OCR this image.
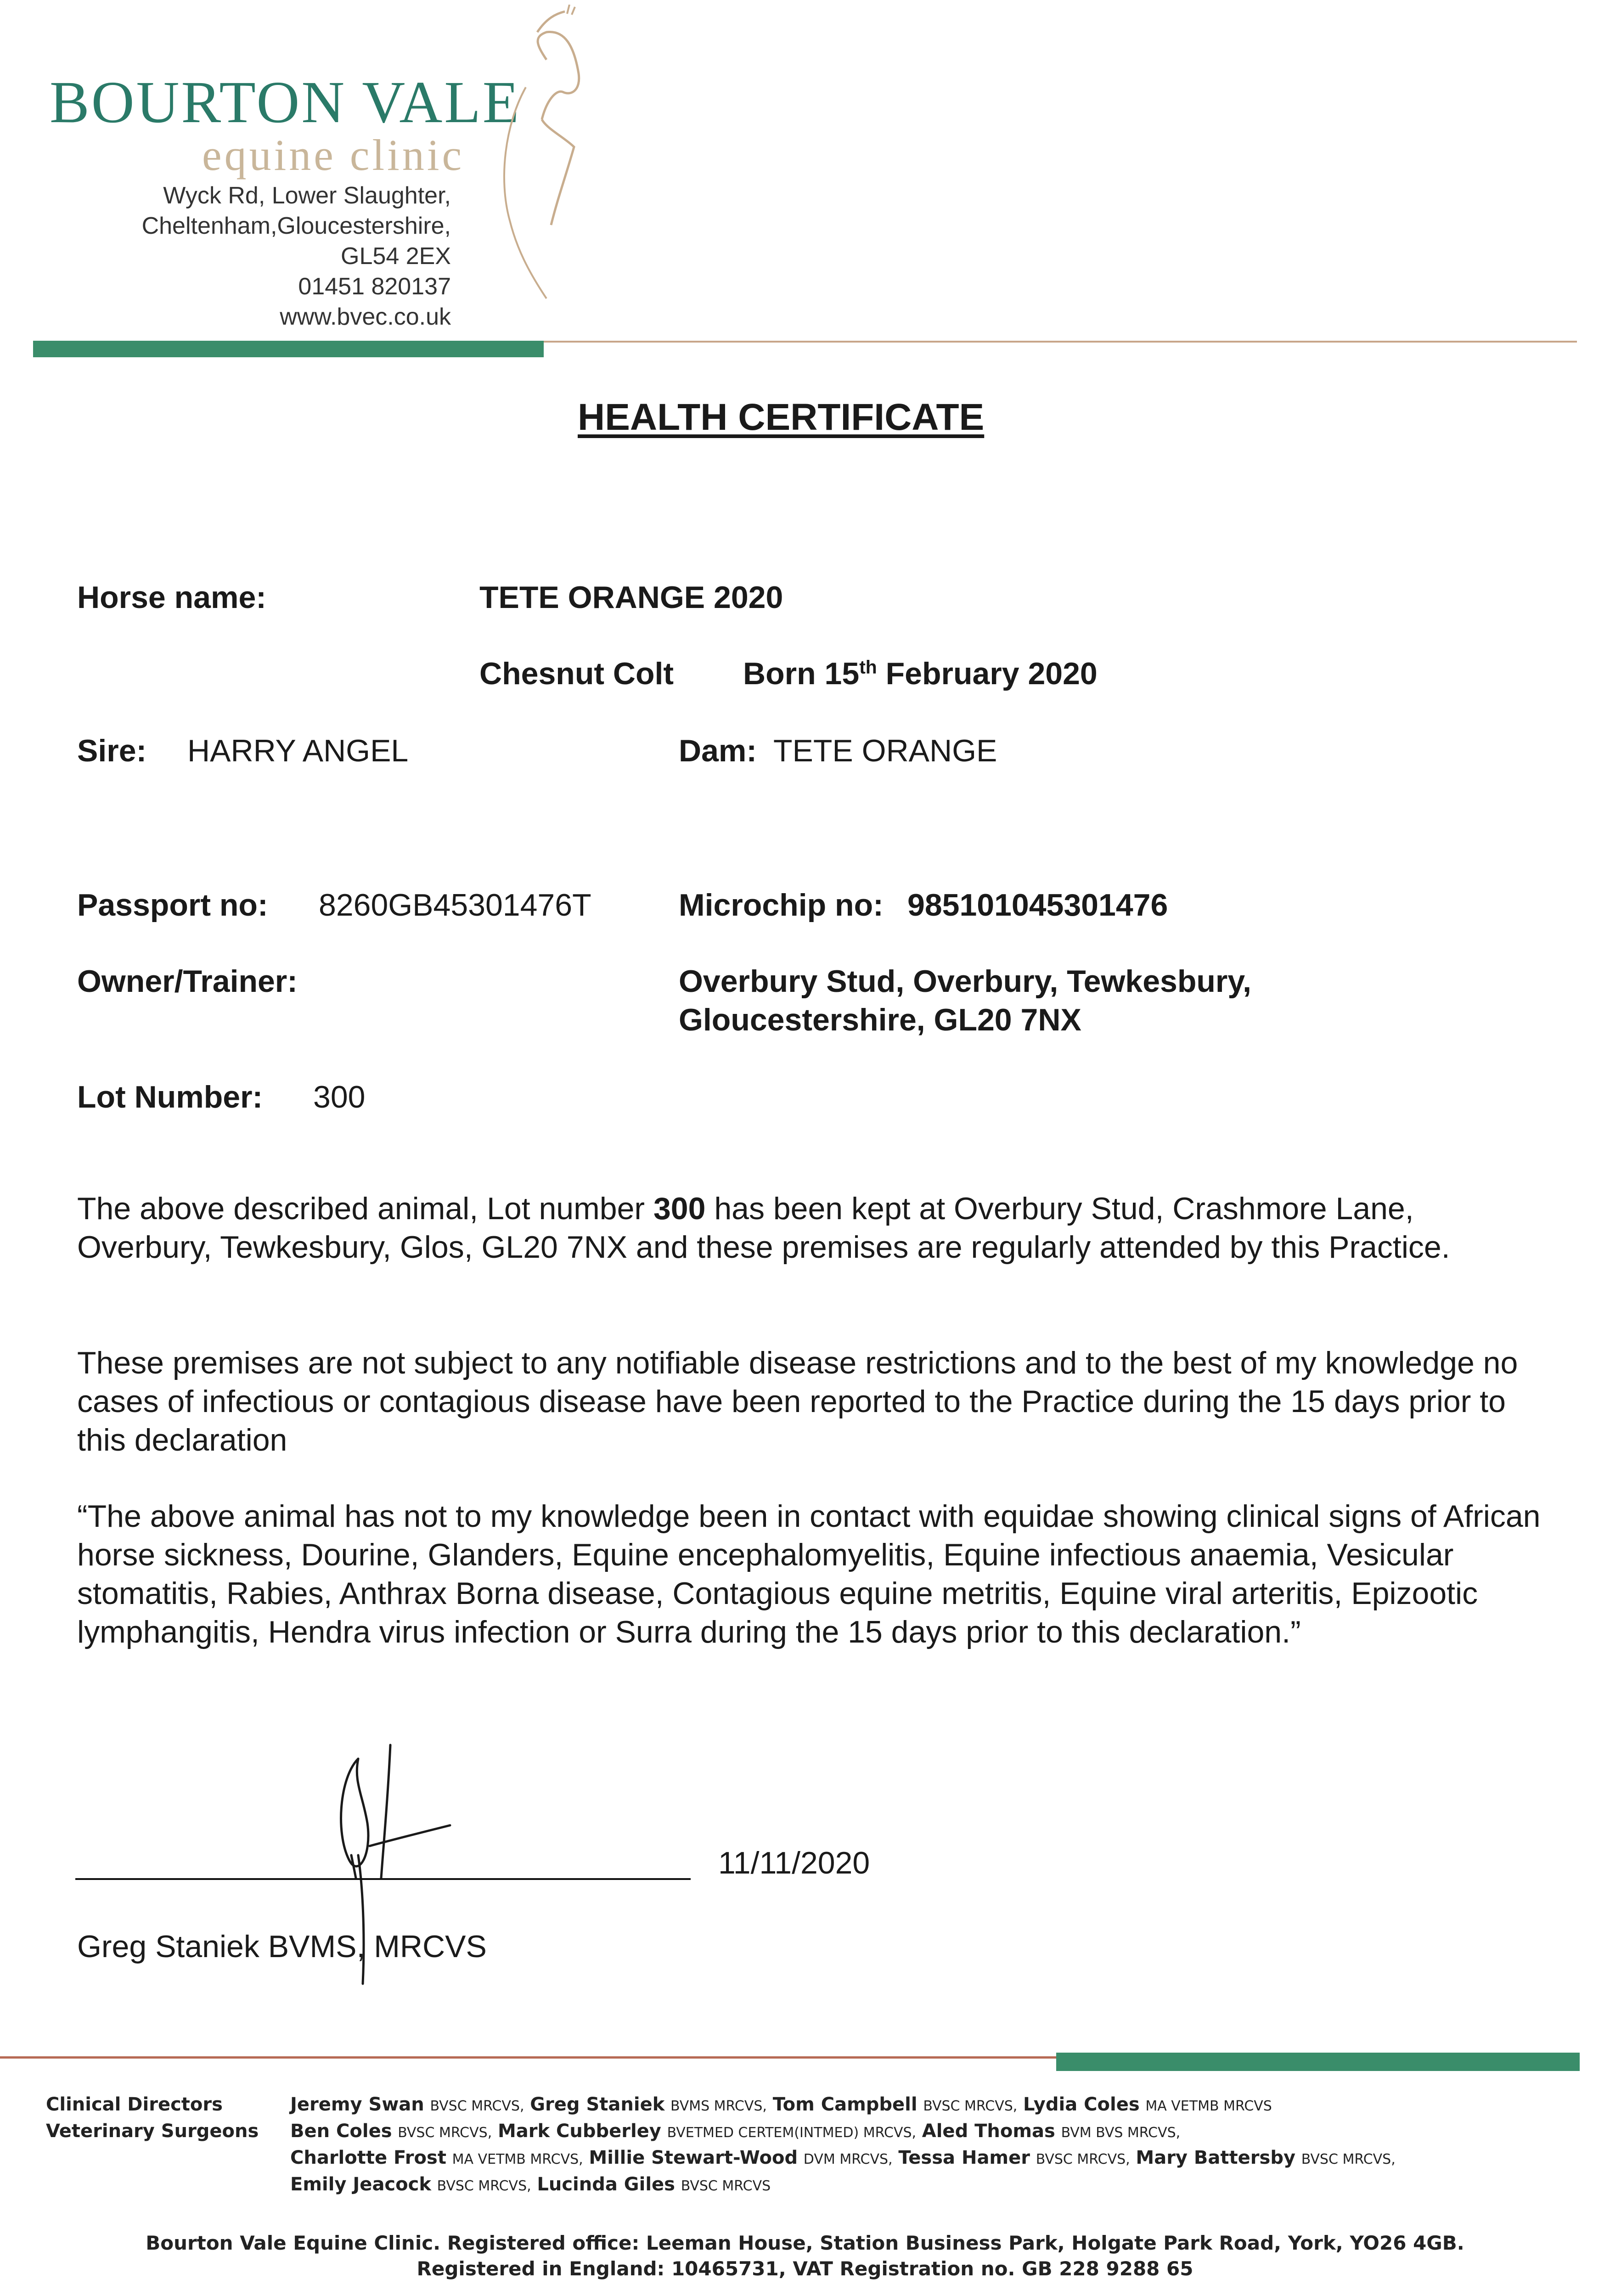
BOURTON VALE
equine clinic
Wyck Rd, Lower Slaughter,
Cheltenham,Gloucestershire,
GL54 2EX
01451 820137
www.bvec.co.uk
HEALTH CERTIFICATE
Horse name:	TETE ORANGE 2020
Chesnut Colt Born 15th February 2020
Sire: HARRY ANGEL	Dam: TETE ORANGE
Passport no: 8260GB45301476T	Microchip no: 985101045301476
Owner/Trainer:	Overbury Stud, Overbury, Tewkesbury,
Gloucestershire, GL20 7NX
Lot Number: 300
The above described animal, Lot number 300 has been kept at Overbury Stud, Crashmore Lane, Overbury, Tewkesbury, Glos, GL20 7NX and these premises are regularly attended by this Practice.
These premises are not subject to any notifiable disease restrictions and to the best of my knowledge no cases of infectious or contagious disease have been reported to the Practice during the 15 days prior to this declaration
“The above animal has not to my knowledge been in contact with equidae showing clinical signs of African horse sickness, Dourine, Glanders, Equine encephalomyelitis, Equine infectious anaemia, Vesicular stomatitis, Rabies, Anthrax Borna disease, Contagious equine metritis, Equine viral arteritis, Epizootic lymphangitis, Hendra virus infection or Surra during the 15 days prior to this declaration.”
11/11/2020
Greg Staniek BVMS, MRCVS
Clinical Directors
Veterinary Surgeons
Jeremy Swan BVSC MRCVS, Greg Staniek BVMS MRCVS, Tom Campbell BVSC MRCVS, Lydia Coles MA VETMB MRCVS
Ben Coles BVSC MRCVS, Mark Cubberley BVETMED CERTEM(INTMED) MRCVS, Aled Thomas BVM BVS MRCVS,
Charlotte Frost MA VETMB MRCVS, Millie Stewart-Wood DVM MRCVS, Tessa Hamer BVSC MRCVS, Mary Battersby BVSC MRCVS,
Emily Jeacock BVSC MRCVS, Lucinda Giles BVSC MRCVS
Bourton Vale Equine Clinic. Registered office: Leeman House, Station Business Park, Holgate Park Road, York, YO26 4GB.
Registered in England: 10465731, VAT Registration no. GB 228 9288 65
